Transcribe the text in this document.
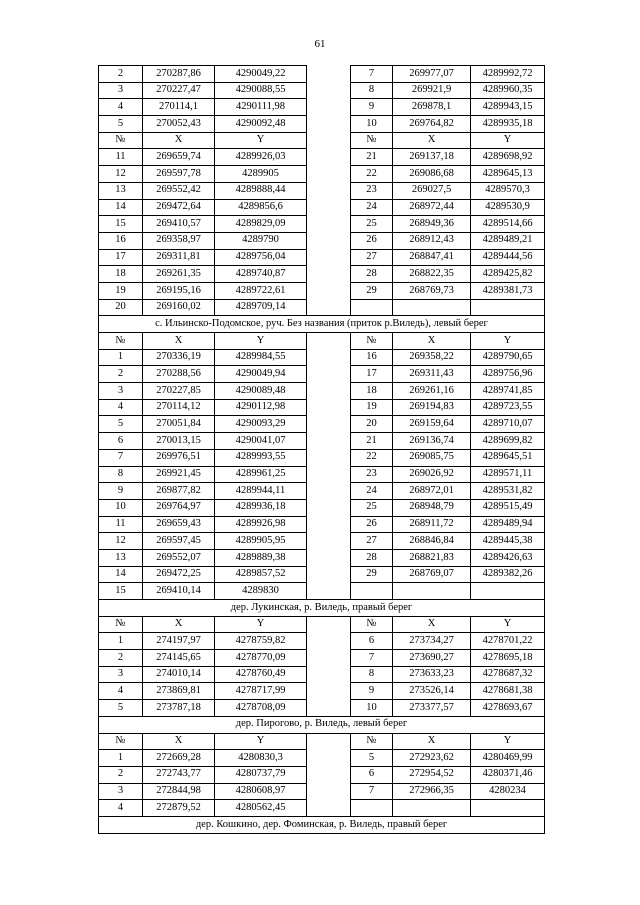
61
2	270287,86	4290049,22		7	269977,07	4289992,72
3	270227,47	4290088,55		8	269921,9	4289960,35
4	270114,1	4290111,98		9	269878,1	4289943,15
5	270052,43	4290092,48		10	269764,82	4289935,18
№	X	Y		№	X	Y
11	269659,74	4289926,03		21	269137,18	4289698,92
12	269597,78	4289905		22	269086,68	4289645,13
13	269552,42	4289888,44		23	269027,5	4289570,3
14	269472,64	4289856,6		24	268972,44	4289530,9
15	269410,57	4289829,09		25	268949,36	4289514,66
16	269358,97	4289790		26	268912,43	4289489,21
17	269311,81	4289756,04		27	268847,41	4289444,56
18	269261,35	4289740,87		28	268822,35	4289425,82
19	269195,16	4289722,61		29	268769,73	4289381,73
20	269160,02	4289709,14				
с. Ильинско-Подомское, руч. Без названия (приток р.Виледь), левый берег						
№	X	Y		№	X	Y
1	270336,19	4289984,55		16	269358,22	4289790,65
2	270288,56	4290049,94		17	269311,43	4289756,96
3	270227,85	4290089,48		18	269261,16	4289741,85
4	270114,12	4290112,98		19	269194,83	4289723,55
5	270051,84	4290093,29		20	269159,64	4289710,07
6	270013,15	4290041,07		21	269136,74	4289699,82
7	269976,51	4289993,55		22	269085,75	4289645,51
8	269921,45	4289961,25		23	269026,92	4289571,11
9	269877,82	4289944,11		24	268972,01	4289531,82
10	269764,97	4289936,18		25	268948,79	4289515,49
11	269659,43	4289926,98		26	268911,72	4289489,94
12	269597,45	4289905,95		27	268846,84	4289445,38
13	269552,07	4289889,38		28	268821,83	4289426,63
14	269472,25	4289857,52		29	268769,07	4289382,26
15	269410,14	4289830				
дер. Лукинская, р. Виледь, правый берег						
№	X	Y		№	X	Y
1	274197,97	4278759,82		6	273734,27	4278701,22
2	274145,65	4278770,09		7	273690,27	4278695,18
3	274010,14	4278760,49		8	273633,23	4278687,32
4	273869,81	4278717,99		9	273526,14	4278681,38
5	273787,18	4278708,09		10	273377,57	4278693,67
дер. Пирогово, р. Виледь, левый берег						
№	X	Y		№	X	Y
1	272669,28	4280830,3		5	272923,62	4280469,99
2	272743,77	4280737,79		6	272954,52	4280371,46
3	272844,98	4280608,97		7	272966,35	4280234
4	272879,52	4280562,45				
дер. Кошкино, дер. Фоминская, р. Виледь, правый берег						
